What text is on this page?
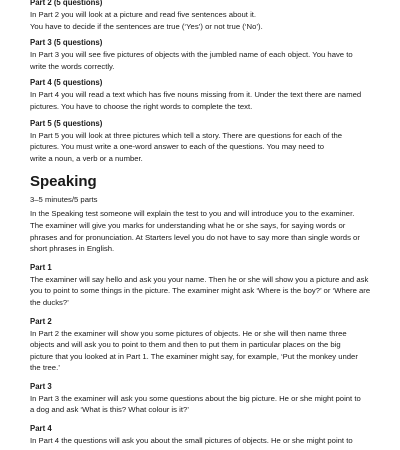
Part 2 (5 questions)

In Part 2 you will look at a picture and read five sentences about it.
You have to decide if the sentences are true (‘Yes’) or not true (‘No’).

Part 3 (5 questions)

In Part 3 you will see five pictures of objects with the jumbled name of each object. You have to
write the words correctly.

Part 4 (5 questions)

In Part 4 you will read a text which has five nouns missing from it. Under the text there are named
pictures. You have to choose the right words to complete the text.

Part 5 (5 questions)

In Part 5 you will look at three pictures which tell a story. There are questions for each of the
pictures. You must write a one-word answer to each of the questions. You may need to
write a noun, a verb or a number.

Speaking

3–5 minutes/5 parts

In the Speaking test someone will explain the test to you and will introduce you to the examiner.
The examiner will give you marks for understanding what he or she says, for saying words or
phrases and for pronunciation. At Starters level you do not have to say more than single words or
short phrases in English.

Part 1

The examiner will say hello and ask you your name. Then he or she will show you a picture and ask
you to point to some things in the picture. The examiner might ask ‘Where is the boy?’ or ‘Where are
the ducks?’

Part 2

In Part 2 the examiner will show you some pictures of objects. He or she will then name three
objects and will ask you to point to them and then to put them in particular places on the big
picture that you looked at in Part 1. The examiner might say, for example, ‘Put the monkey under
the tree.’

Part 3

In Part 3 the examiner will ask you some questions about the big picture. He or she might point to
a dog and ask ‘What is this? What colour is it?’

Part 4

In Part 4 the questions will ask you about the small pictures of objects. He or she might point to
